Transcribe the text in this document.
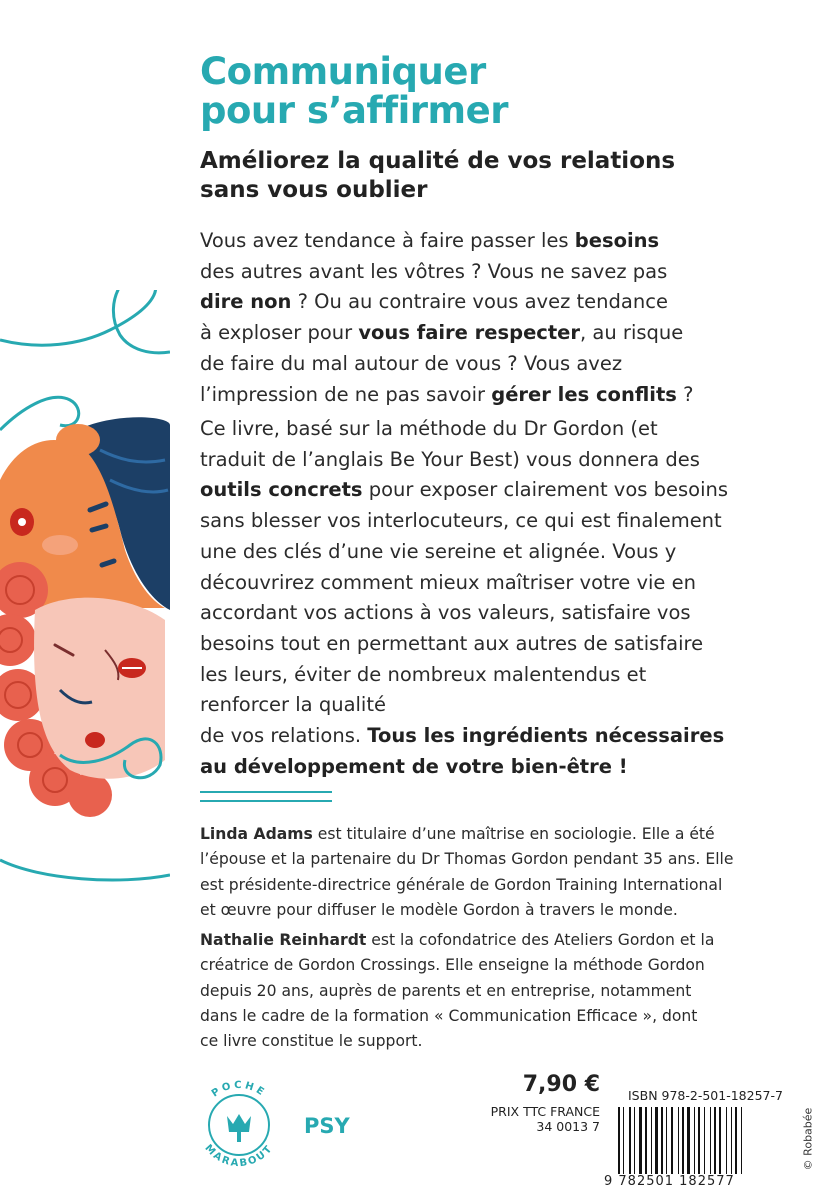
Communiquer
pour s’affirmer
Améliorez la qualité de vos relations
sans vous oublier
Vous avez tendance à faire passer les besoins
des autres avant les vôtres ? Vous ne savez pas
dire non ? Ou au contraire vous avez tendance
à exploser pour vous faire respecter, au risque
de faire du mal autour de vous ? Vous avez
l’impression de ne pas savoir gérer les conflits ?
Ce livre, basé sur la méthode du Dr Gordon (et
traduit de l’anglais Be Your Best) vous donnera des
outils concrets pour exposer clairement vos besoins
sans blesser vos interlocuteurs, ce qui est finalement
une des clés d’une vie sereine et alignée. Vous y
découvrirez comment mieux maîtriser votre vie en
accordant vos actions à vos valeurs, satisfaire vos
besoins tout en permettant aux autres de satisfaire
les leurs, éviter de nombreux malentendus et
renforcer la qualité
de vos relations. Tous les ingrédients nécessaires
au développement de votre bien-être !
Linda Adams est titulaire d’une maîtrise en sociologie. Elle a été
l’épouse et la partenaire du Dr Thomas Gordon pendant 35 ans. Elle
est présidente-directrice générale de Gordon Training International
et œuvre pour diffuser le modèle Gordon à travers le monde.
Nathalie Reinhardt est la cofondatrice des Ateliers Gordon et la
créatrice de Gordon Crossings. Elle enseigne la méthode Gordon
depuis 20 ans, auprès de parents et en entreprise, notamment
dans le cadre de la formation « Communication Efficace », dont
ce livre constitue le support.
POCHE
MARABOUT

PSY

7,90 €

PRIX TTC FRANCE
34 0013 7

ISBN 978-2-501-18257-7

9 782501 182577

© Robabée
